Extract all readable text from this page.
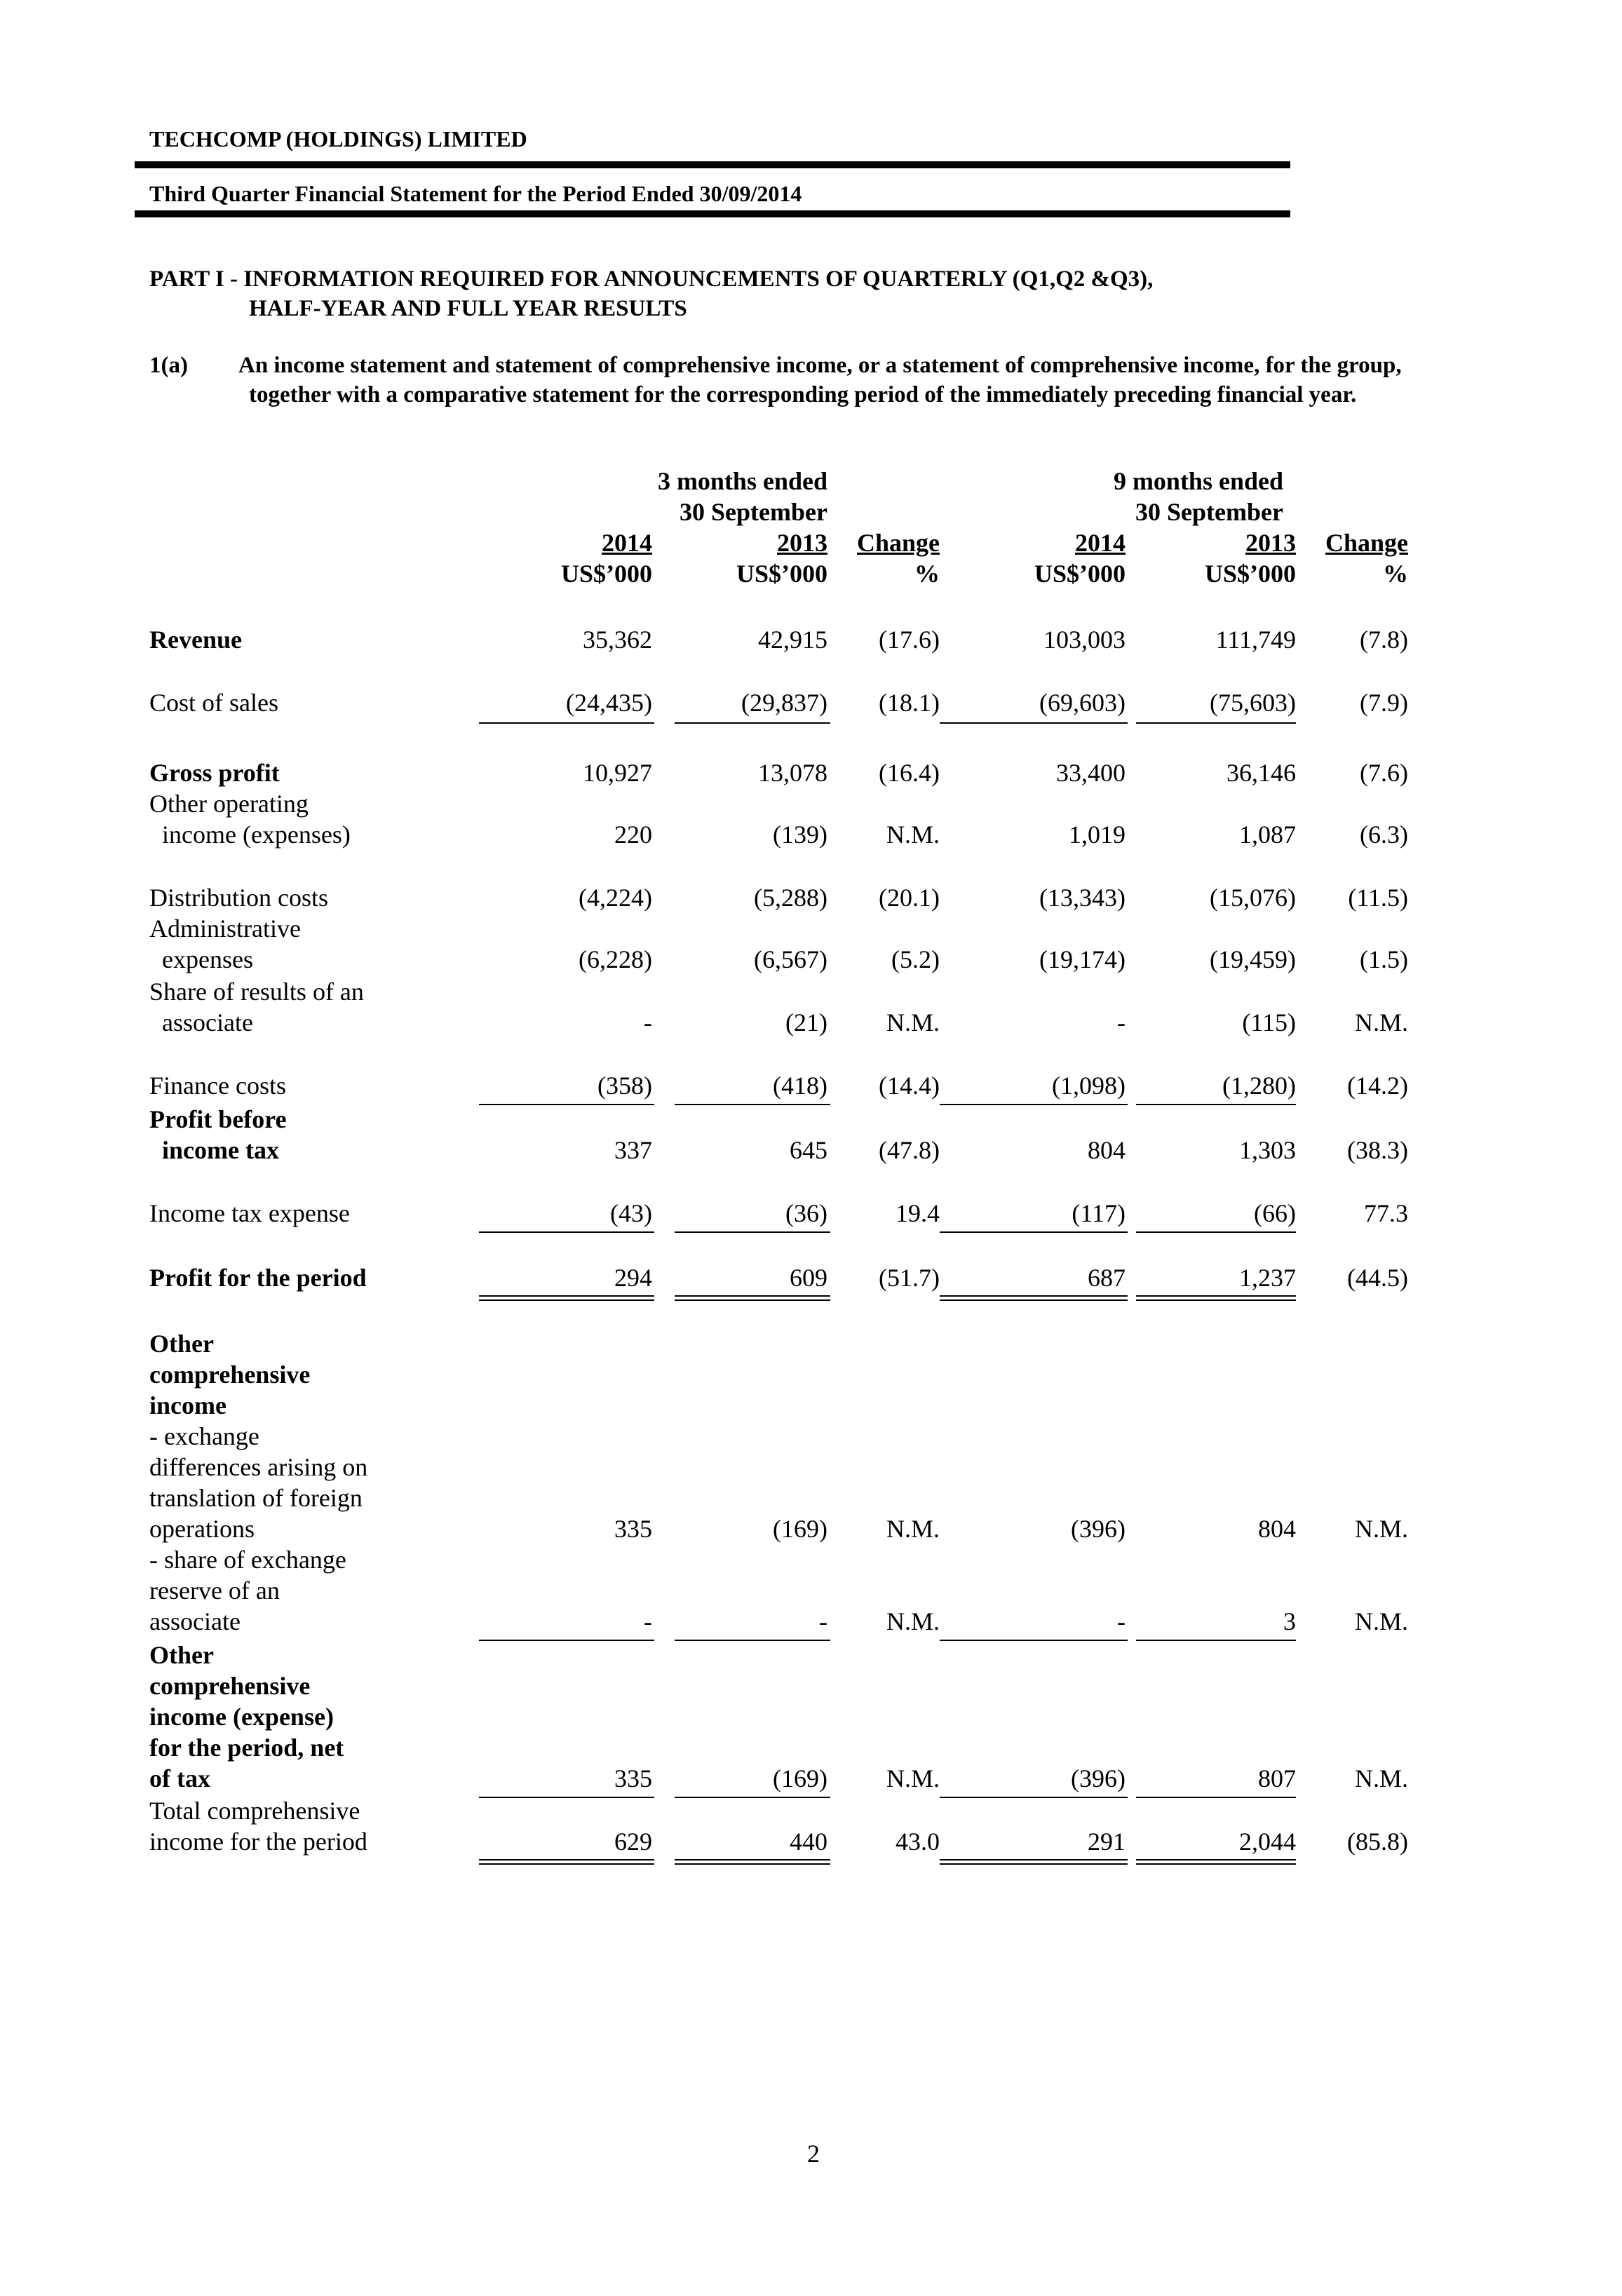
TECHCOMP (HOLDINGS) LIMITED
Third Quarter Financial Statement for the Period Ended 30/09/2014
PART I - INFORMATION REQUIRED FOR ANNOUNCEMENTS OF QUARTERLY (Q1,Q2 &Q3),
HALF-YEAR AND FULL YEAR RESULTS
1(a) An income statement and statement of comprehensive income, or a statement of comprehensive income, for the group,
together with a comparative statement for the corresponding period of the immediately preceding financial year.
3 months ended
30 September
9 months ended
30 September
2014	2013	Change	2014	2013	Change
US$’000	US$’000	%	US$’000	US$’000	%
Revenue	35,362	42,915	(17.6)	103,003	111,749	(7.8)
Cost of sales	(24,435)	(29,837)	(18.1)	(69,603)	(75,603)	(7.9)
Gross profit	10,927	13,078	(16.4)	33,400	36,146	(7.6)
Other operating
income (expenses)	220	(139)	N.M.	1,019	1,087	(6.3)
Distribution costs	(4,224)	(5,288)	(20.1)	(13,343)	(15,076)	(11.5)
Administrative
expenses	(6,228)	(6,567)	(5.2)	(19,174)	(19,459)	(1.5)
Share of results of an
associate	-	(21)	N.M.	-	(115)	N.M.
Finance costs	(358)	(418)	(14.4)	(1,098)	(1,280)	(14.2)
Profit before
income tax	337	645	(47.8)	804	1,303	(38.3)
Income tax expense	(43)	(36)	19.4	(117)	(66)	77.3
Profit for the period	294	609	(51.7)	687	1,237	(44.5)
Other
comprehensive
income
- exchange
differences arising on
translation of foreign
operations	335	(169)	N.M.	(396)	804	N.M.
- share of exchange
reserve of an
associate	-	-	N.M.	-	3	N.M.
Other
comprehensive
income (expense)
for the period, net
of tax	335	(169)	N.M.	(396)	807	N.M.
Total comprehensive
income for the period	629	440	43.0	291	2,044	(85.8)
2
